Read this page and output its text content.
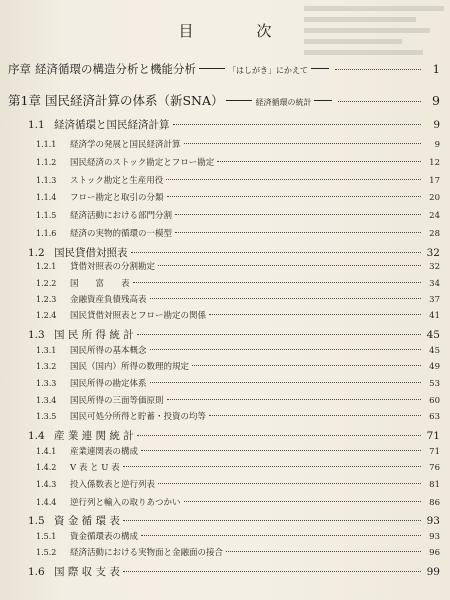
目　次
序章 経済循環の構造分析と機能分析	「はしがき」にかえて	1
第1章 国民経済計算の体系（新SNA）	経済循環の統計	9
1.1 経済循環と国民経済計算	9
1.1.1	経済学の発展と国民経済計算	9
1.1.2	国民経済のストック勘定とフロー勘定	12
1.1.3	ストック勘定と生産用役	17
1.1.4	フロー勘定と取引の分類	20
1.1.5	経済活動における部門分割	24
1.1.6	経済の実物的循環の一模型	28
1.2 国民貸借対照表	32
1.2.1	貸借対照表の分割勘定	32
1.2.2	国　　富　　表	34
1.2.3	金融資産負債残高表	37
1.2.4	国民貸借対照表とフロー勘定の関係	41
1.3 国 民 所 得 統 計	45
1.3.1	国民所得の基本概念	45
1.3.2	国民（国内）所得の数理的規定	49
1.3.3	国民所得の勘定体系	53
1.3.4	国民所得の三面等価原則	60
1.3.5	国民可処分所得と貯蓄・投資の均等	63
1.4 産 業 連 関 統 計	71
1.4.1	産業連関表の構成	71
1.4.2	V 表 と U 表	76
1.4.3	投入係数表と逆行列表	81
1.4.4	逆行列と輸入の取りあつかい	86
1.5 資 金 循 環 表	93
1.5.1	資金循環表の構成	93
1.5.2	経済活動における実物面と金融面の接合	96
1.6 国 際 収 支 表	99
